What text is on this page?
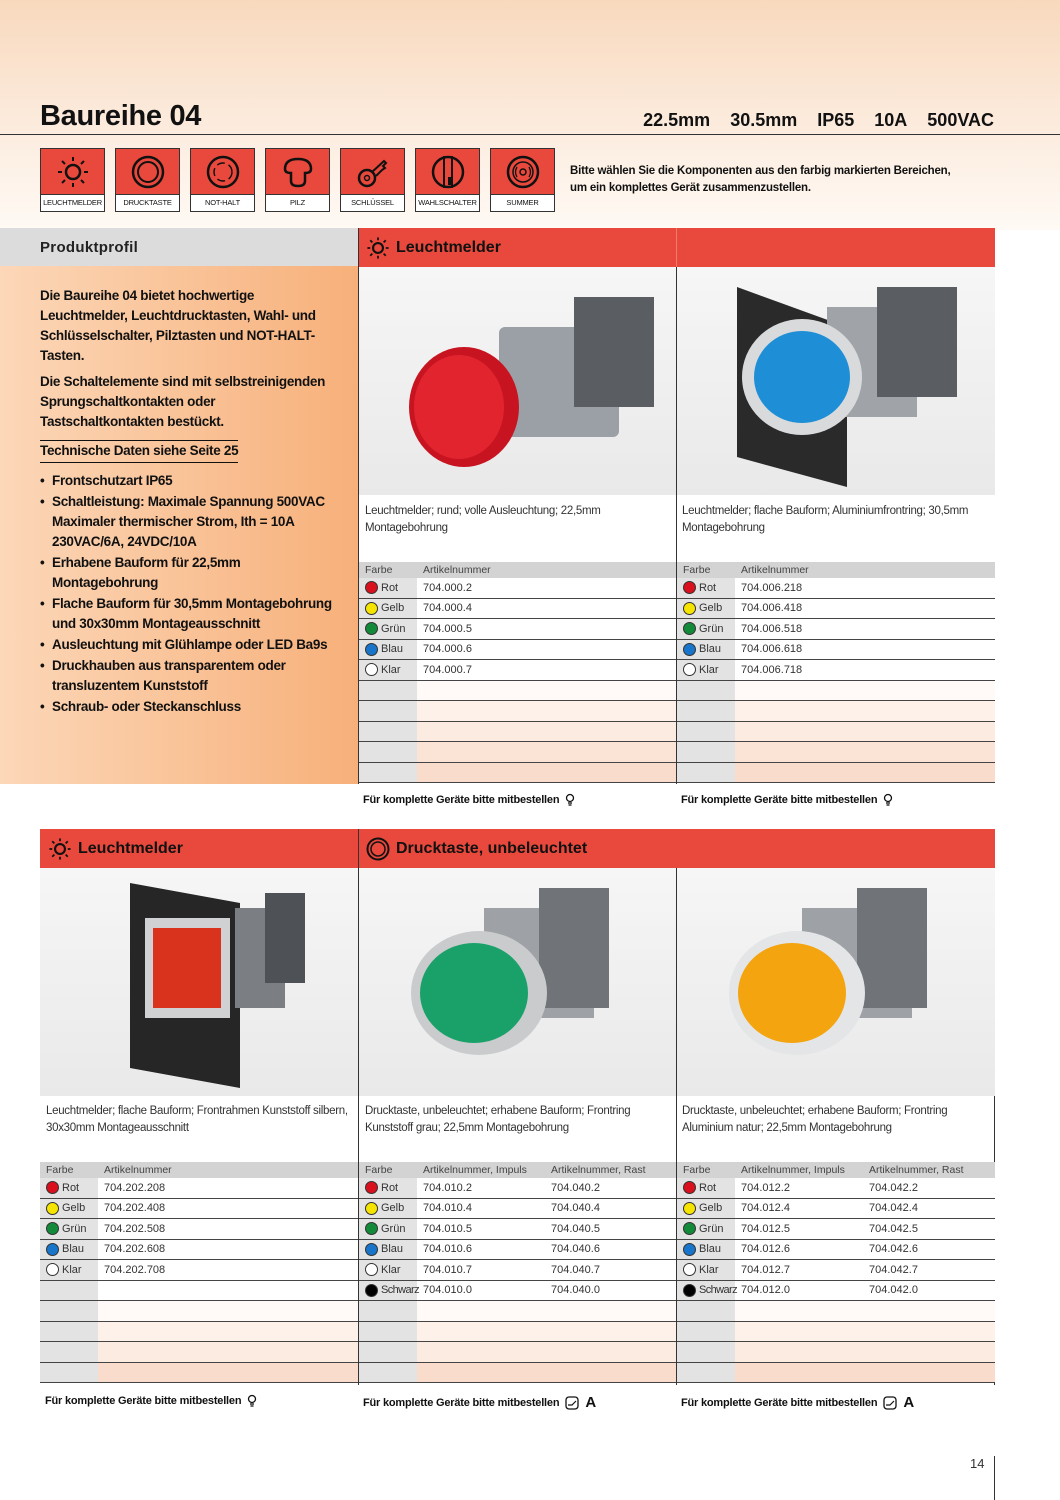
Baureihe 04	22.5mm 30.5mm IP65 10A 500VAC
LEUCHTMELDER	DRUCKTASTE	NOT-HALT	PILZ	SCHLÜSSEL	WAHLSCHALTER	SUMMER
Bitte wählen Sie die Komponenten aus den farbig markierten Bereichen,
um ein komplettes Gerät zusammenzustellen.
Produktprofil

Die Baureihe 04 bietet hochwertige Leuchtmelder, Leuchtdrucktasten, Wahl- und Schlüsselschalter, Pilztasten und NOT-HALT-Tasten.

Die Schaltelemente sind mit selbstreinigenden Sprungschaltkontakten oder Tastschaltkontakten bestückt.

Technische Daten siehe Seite 25
• Frontschutzart IP65
• Schaltleistung: Maximale Spannung 500VAC Maximaler thermischer Strom, Ith = 10A 230VAC/6A, 24VDC/10A
• Erhabene Bauform für 22,5mm Montagebohrung
• Flache Bauform für 30,5mm Montagebohrung und 30x30mm Montageausschnitt
• Ausleuchtung mit Glühlampe oder LED Ba9s
• Druckhauben aus transparentem oder transluzentem Kunststoff
• Schraub- oder Steckanschluss
Leuchtmelder
Leuchtmelder; rund; volle Ausleuchtung; 22,5mm Montagebohrung
Leuchtmelder; flache Bauform; Aluminiumfrontring; 30,5mm Montagebohrung
Farbe	Artikelnummer
Rot	704.000.2
Gelb	704.000.4
Grün	704.000.5
Blau	704.000.6
Klar	704.000.7
Farbe	Artikelnummer
Rot	704.006.218
Gelb	704.006.418
Grün	704.006.518
Blau	704.006.618
Klar	704.006.718
Für komplette Geräte bitte mitbestellen	Für komplette Geräte bitte mitbestellen
Leuchtmelder	Drucktaste, unbeleuchtet
Leuchtmelder; flache Bauform; Frontrahmen Kunststoff silbern, 30x30mm Montageausschnitt
Drucktaste, unbeleuchtet; erhabene Bauform; Frontring Kunststoff grau; 22,5mm Montagebohrung
Drucktaste, unbeleuchtet; erhabene Bauform; Frontring Aluminium natur; 22,5mm Montagebohrung
Farbe	Artikelnummer
Rot	704.202.208
Gelb	704.202.408
Grün	704.202.508
Blau	704.202.608
Klar	704.202.708
Farbe	Artikelnummer, Impuls	Artikelnummer, Rast
Rot	704.010.2	704.040.2
Gelb	704.010.4	704.040.4
Grün	704.010.5	704.040.5
Blau	704.010.6	704.040.6
Klar	704.010.7	704.040.7
Schwarz 704.010.0	704.040.0
Farbe	Artikelnummer, Impuls	Artikelnummer, Rast
Rot	704.012.2	704.042.2
Gelb	704.012.4	704.042.4
Grün	704.012.5	704.042.5
Blau	704.012.6	704.042.6
Klar	704.012.7	704.042.7
Schwarz 704.012.0	704.042.0
Für komplette Geräte bitte mitbestellen	Für komplette Geräte bitte mitbestellen A	Für komplette Geräte bitte mitbestellen A
14
